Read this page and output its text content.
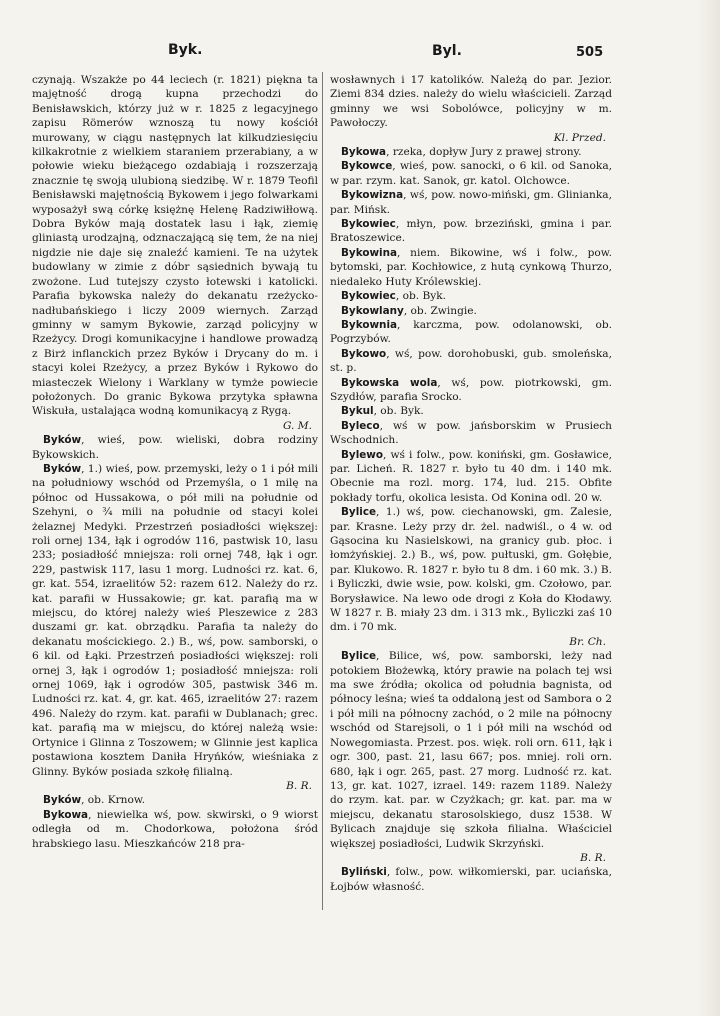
Byk.	Byl.	505

czynają. Wszakże po 44 leciech (r. 1821) piękna ta majętność drogą kupna przechodzi do Benisławskich, którzy już w r. 1825 z legacyjnego zapisu Römerów wznoszą tu nowy kościół murowany, w ciągu następnych lat kilkudziesięciu kilkakrotnie z wielkiem staraniem przerabiany, a w połowie wieku bieżącego ozdabiają i rozszerzają znacznie tę swoją ulubioną siedzibę. W r. 1879 Teofil Benisławski majętnością Bykowem i jego folwarkami wyposażył swą córkę księżnę Helenę Radziwiłłową. Dobra Byków mają dostatek lasu i łąk, ziemię gliniastą urodzajną, odznaczającą się tem, że na niej nigdzie nie daje się znaleźć kamieni. Te na użytek budowlany w zimie z dóbr sąsiednich bywają tu zwożone. Lud tutejszy czysto łotewski i katolicki. Parafia bykowska należy do dekanatu rzeżycko-nadłubańskiego i liczy 2009 wiernych. Zarząd gminny w samym Bykowie, zarząd policyjny w Rzeżycy. Drogi komunikacyjne i handlowe prowadzą z Birż inflanckich przez Byków i Drycany do m. i stacyi kolei Rzeżycy, a przez Byków i Rykowo do miasteczek Wielony i Warklany w tymże powiecie położonych. Do granic Bykowa przytyka spławna Wiskuła, ustalająca wodną komunikacyą z Rygą.
G. M.

Byków, wieś, pow. wieliski, dobra rodziny Bykowskich.

Byków, 1.) wieś, pow. przemyski, leży o 1 i pół mili na południowy wschód od Przemyśla, o 1 milę na północ od Hussakowa, o pół mili na południe od Szehyni, o ¾ mili na południe od stacyi kolei żelaznej Medyki. Przestrzeń posiadłości większej: roli ornej 134, łąk i ogrodów 116, pastwisk 10, lasu 233; posiadłość mniejsza: roli ornej 748, łąk i ogr. 229, pastwisk 117, lasu 1 morg. Ludności rz. kat. 6, gr. kat. 554, izraelitów 52: razem 612. Należy do rz. kat. parafii w Hussakowie; gr. kat. parafią ma w miejscu, do której należy wieś Pleszewice z 283 duszami gr. kat. obrządku. Parafia ta należy do dekanatu mościckiego. 2.) B., wś, pow. samborski, o 6 kil. od Łąki. Przestrzeń posiadłości większej: roli ornej 3, łąk i ogrodów 1; posiadłość mniejsza: roli ornej 1069, łąk i ogrodów 305, pastwisk 346 m. Ludności rz. kat. 4, gr. kat. 465, izraelitów 27: razem 496. Należy do rzym. kat. parafii w Dublanach; grec. kat. parafią ma w miejscu, do której należą wsie: Ortynice i Glinna z Toszowem; w Glinnie jest kaplica postawiona kosztem Daniła Hryńków, wieśniaka z Glinny. Byków posiada szkołę filialną.
B. R.

Byków, ob. Krnow.

Bykowa, niewielka wś, pow. skwirski, o 9 wiorst odległa od m. Chodorkowa, położona śród hrabskiego lasu. Mieszkańców 218 pra-

wosławnych i 17 katolików. Należą do par. Jezior. Ziemi 834 dzies. należy do wielu właścicieli. Zarząd gminny we wsi Sobolówce, policyjny w m. Pawołoczy.
Kl. Przed.

Bykowa, rzeka, dopływ Jury z prawej strony.

Bykowce, wieś, pow. sanocki, o 6 kil. od Sanoka, w par. rzym. kat. Sanok, gr. katol. Olchowce.

Bykowizna, wś, pow. nowo-miński, gm. Glinianka, par. Mińsk.

Bykowiec, młyn, pow. brzeziński, gmina i par. Bratoszewice.

Bykowina, niem. Bikowine, wś i folw., pow. bytomski, par. Kochłowice, z hutą cynkową Thurzo, niedaleko Huty Królewskiej.

Bykowiec, ob. Byk.

Bykowlany, ob. Zwingie.

Bykownia, karczma, pow. odolanowski, ob. Pogrzybów.

Bykowo, wś, pow. dorohobuski, gub. smoleńska, st. p.

Bykowska wola, wś, pow. piotrkowski, gm. Szydłów, parafia Srocko.

Bykul, ob. Byk.

Byleco, wś w pow. jańsborskim w Prusiech Wschodnich.

Bylewo, wś i folw., pow. koniński, gm. Gosławice, par. Licheń. R. 1827 r. było tu 40 dm. i 140 mk. Obecnie ma rozl. morg. 174, lud. 215. Obfite pokłady torfu, okolica lesista. Od Konina odl. 20 w.

Bylice, 1.) wś, pow. ciechanowski, gm. Zalesie, par. Krasne. Leży przy dr. żel. nadwiśl., o 4 w. od Gąsocina ku Nasielskowi, na granicy gub. płoc. i łomżyńskiej. 2.) B., wś, pow. pułtuski, gm. Gołębie, par. Klukowo. R. 1827 r. było tu 8 dm. i 60 mk. 3.) B. i Byliczki, dwie wsie, pow. kolski, gm. Czołowo, par. Borysławice. Na lewo ode drogi z Koła do Kłodawy. W 1827 r. B. miały 23 dm. i 313 mk., Byliczki zaś 10 dm. i 70 mk.
Br. Ch.

Bylice, Bilice, wś, pow. samborski, leży nad potokiem Błożewką, który prawie na polach tej wsi ma swe źródła; okolica od południa bagnista, od północy leśna; wieś ta oddaloną jest od Sambora o 2 i pół mili na północny zachód, o 2 mile na północny wschód od Starejsoli, o 1 i pół mili na wschód od Nowegomiasta. Przest. pos. więk. roli orn. 611, łąk i ogr. 300, past. 21, lasu 667; pos. mniej. roli orn. 680, łąk i ogr. 265, past. 27 morg. Ludność rz. kat. 13, gr. kat. 1027, izrael. 149: razem 1189. Należy do rzym. kat. par. w Czyżkach; gr. kat. par. ma w miejscu, dekanatu starosolskiego, dusz 1538. W Bylicach znajduje się szkoła filialna. Właściciel większej posiadłości, Ludwik Skrzyński.
B. R.

Byliński, folw., pow. wiłkomierski, par. uciańska, Łojbów własność.
